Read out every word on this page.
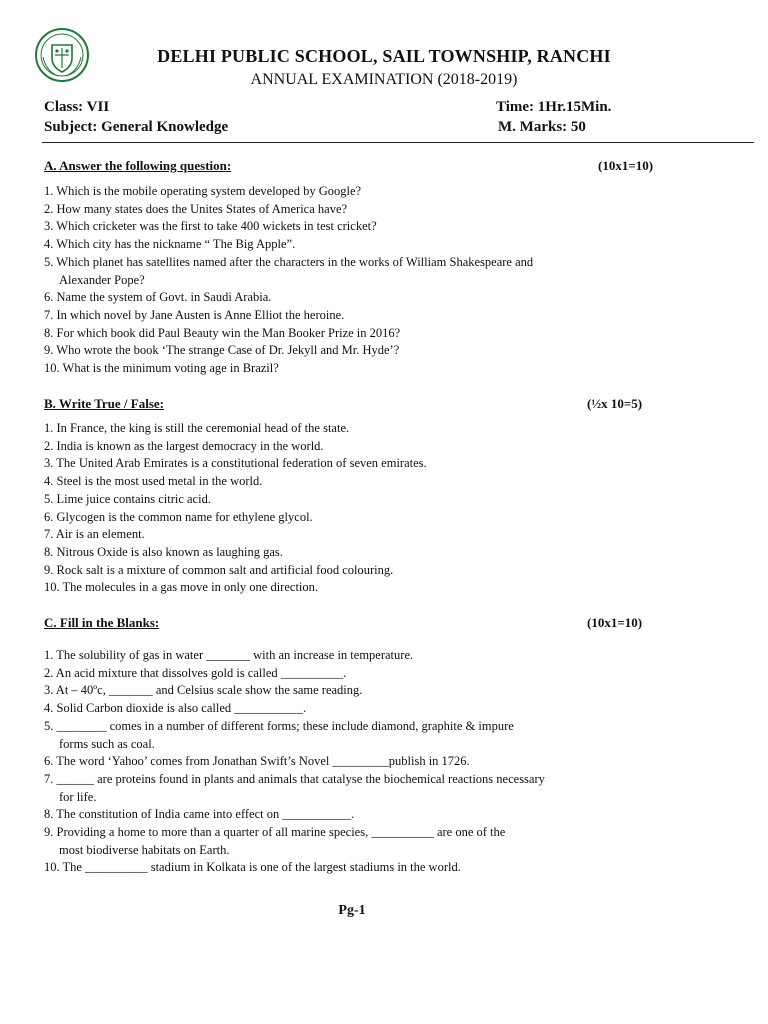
DELHI PUBLIC SCHOOL, SAIL TOWNSHIP, RANCHI
ANNUAL EXAMINATION (2018-2019)
Class: VII
Subject: General Knowledge
Time: 1Hr.15Min.
M. Marks: 50
A. Answer the following question:	(10x1=10)
1. Which is the mobile operating system developed by Google?
2. How many states does the Unites States of America have?
3. Which cricketer was the first to take 400 wickets in test cricket?
4. Which city has the nickname “ The Big Apple”.
5. Which planet has satellites named after the characters in the works of William Shakespeare and
Alexander Pope?
6. Name the system of Govt. in Saudi Arabia.
7. In which novel by Jane Austen is Anne Elliot the heroine.
8. For which book did Paul Beauty win the Man Booker Prize in 2016?
9. Who wrote the book ‘The strange Case of Dr. Jekyll and Mr. Hyde’?
10. What is the minimum voting age in Brazil?
B. Write True / False:	(½x 10=5)
1. In France, the king is still the ceremonial head of the state.
2. India is known as the largest democracy in the world.
3. The United Arab Emirates is a constitutional federation of seven emirates.
4. Steel is the most used metal in the world.
5. Lime juice contains citric acid.
6. Glycogen is the common name for ethylene glycol.
7. Air is an element.
8. Nitrous Oxide is also known as laughing gas.
9. Rock salt is a mixture of common salt and artificial food colouring.
10. The molecules in a gas move in only one direction.
C. Fill in the Blanks:	(10x1=10)
1. The solubility of gas in water _______ with an increase in temperature.
2. An acid mixture that dissolves gold is called __________.
3. At – 40ºc, _______ and Celsius scale show the same reading.
4. Solid Carbon dioxide is also called ___________.
5. ________ comes in a number of different forms; these include diamond, graphite & impure
forms such as coal.
6. The word ‘Yahoo’ comes from Jonathan Swift’s Novel _________publish in 1726.
7. ______ are proteins found in plants and animals that catalyse the biochemical reactions necessary
for life.
8. The constitution of India came into effect on ___________.
9. Providing a home to more than a quarter of all marine species, __________ are one of the
most biodiverse habitats on Earth.
10. The __________ stadium in Kolkata is one of the largest stadiums in the world.
Pg-1
